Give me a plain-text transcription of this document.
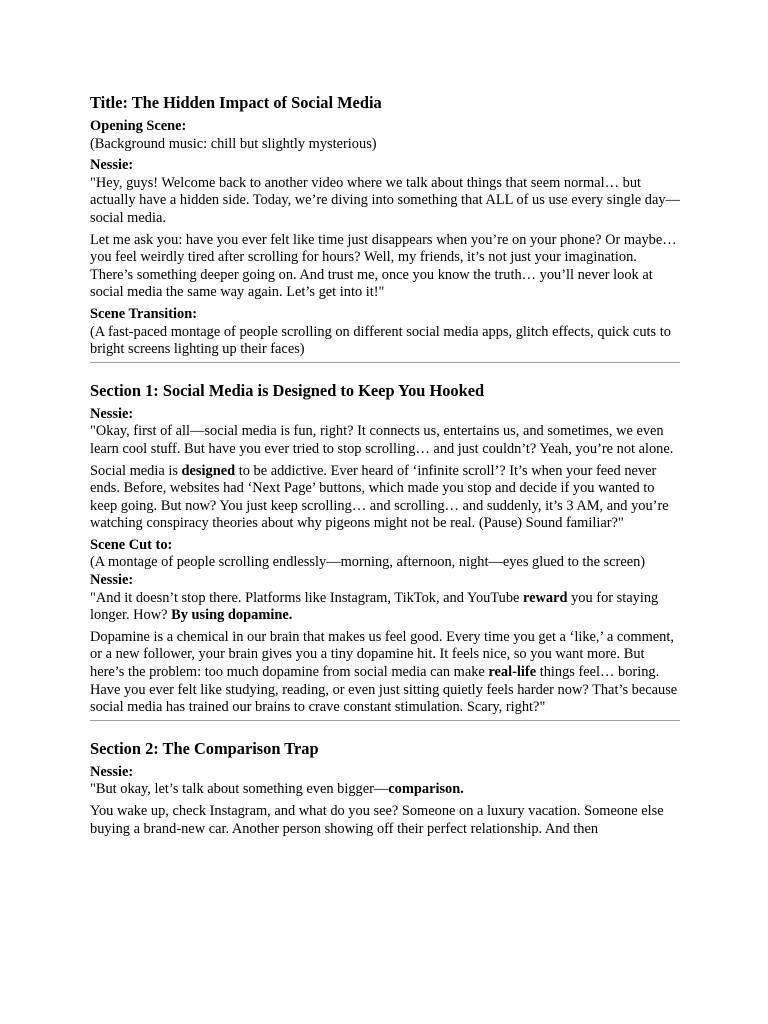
Title: The Hidden Impact of Social Media
Opening Scene:
(Background music: chill but slightly mysterious)
Nessie:
"Hey, guys! Welcome back to another video where we talk about things that seem normal… but actually have a hidden side. Today, we’re diving into something that ALL of us use every single day—social media.
Let me ask you: have you ever felt like time just disappears when you’re on your phone? Or maybe… you feel weirdly tired after scrolling for hours? Well, my friends, it’s not just your imagination. There’s something deeper going on. And trust me, once you know the truth… you’ll never look at social media the same way again. Let’s get into it!"
Scene Transition:
(A fast-paced montage of people scrolling on different social media apps, glitch effects, quick cuts to bright screens lighting up their faces)
Section 1: Social Media is Designed to Keep You Hooked
Nessie:
"Okay, first of all—social media is fun, right? It connects us, entertains us, and sometimes, we even learn cool stuff. But have you ever tried to stop scrolling… and just couldn’t? Yeah, you’re not alone.
Social media is designed to be addictive. Ever heard of ‘infinite scroll’? It’s when your feed never ends. Before, websites had ‘Next Page’ buttons, which made you stop and decide if you wanted to keep going. But now? You just keep scrolling… and scrolling… and suddenly, it’s 3 AM, and you’re watching conspiracy theories about why pigeons might not be real. (Pause) Sound familiar?"
Scene Cut to:
(A montage of people scrolling endlessly—morning, afternoon, night—eyes glued to the screen)
Nessie:
"And it doesn’t stop there. Platforms like Instagram, TikTok, and YouTube reward you for staying longer. How? By using dopamine.
Dopamine is a chemical in our brain that makes us feel good. Every time you get a ‘like,’ a comment, or a new follower, your brain gives you a tiny dopamine hit. It feels nice, so you want more. But here’s the problem: too much dopamine from social media can make real-life things feel… boring. Have you ever felt like studying, reading, or even just sitting quietly feels harder now? That’s because social media has trained our brains to crave constant stimulation. Scary, right?"
Section 2: The Comparison Trap
Nessie:
"But okay, let’s talk about something even bigger—comparison.
You wake up, check Instagram, and what do you see? Someone on a luxury vacation. Someone else buying a brand-new car. Another person showing off their perfect relationship. And then
